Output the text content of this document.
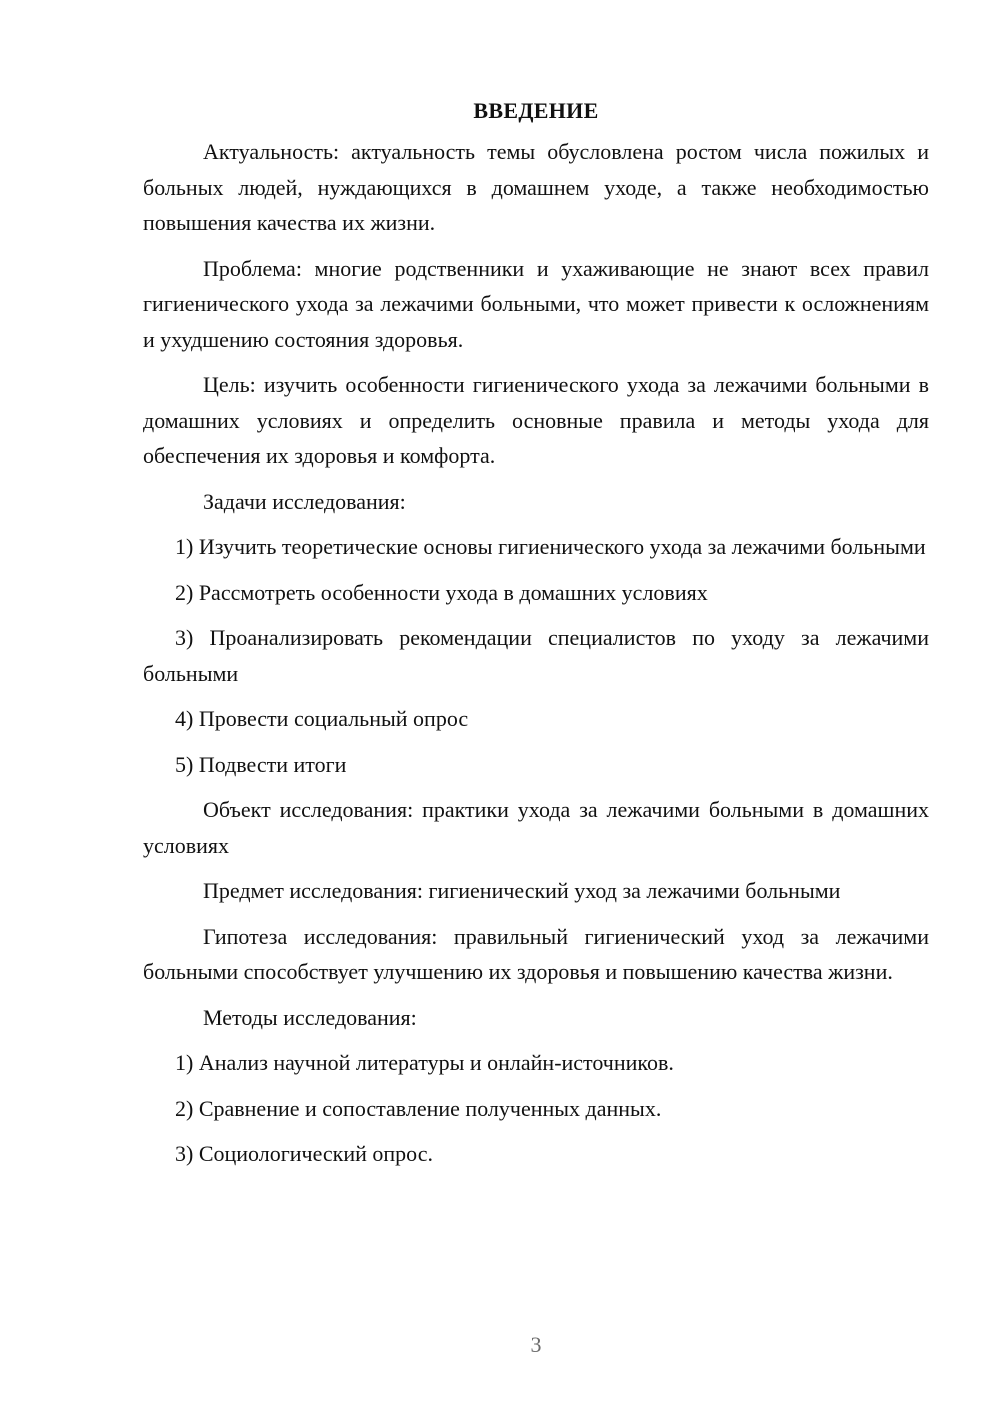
ВВЕДЕНИЕ

Актуальность: актуальность темы обусловлена ростом числа пожилых и больных людей, нуждающихся в домашнем уходе, а также необходимостью повышения качества их жизни.

Проблема: многие родственники и ухаживающие не знают всех правил гигиенического ухода за лежачими больными, что может привести к осложнениям и ухудшению состояния здоровья.

Цель: изучить особенности гигиенического ухода за лежачими больными в домашних условиях и определить основные правила и методы ухода для обеспечения их здоровья и комфорта.

Задачи исследования:

1) Изучить теоретические основы гигиенического ухода за лежачими больными

2) Рассмотреть особенности ухода в домашних условиях

3) Проанализировать рекомендации специалистов по уходу за лежачими больными

4) Провести социальный опрос

5) Подвести итоги

Объект исследования: практики ухода за лежачими больными в домашних условиях

Предмет исследования: гигиенический уход за лежачими больными

Гипотеза исследования: правильный гигиенический уход за лежачими больными способствует улучшению их здоровья и повышению качества жизни.

Методы исследования:

1) Анализ научной литературы и онлайн-источников.

2) Сравнение и сопоставление полученных данных.

3) Социологический опрос.

3
